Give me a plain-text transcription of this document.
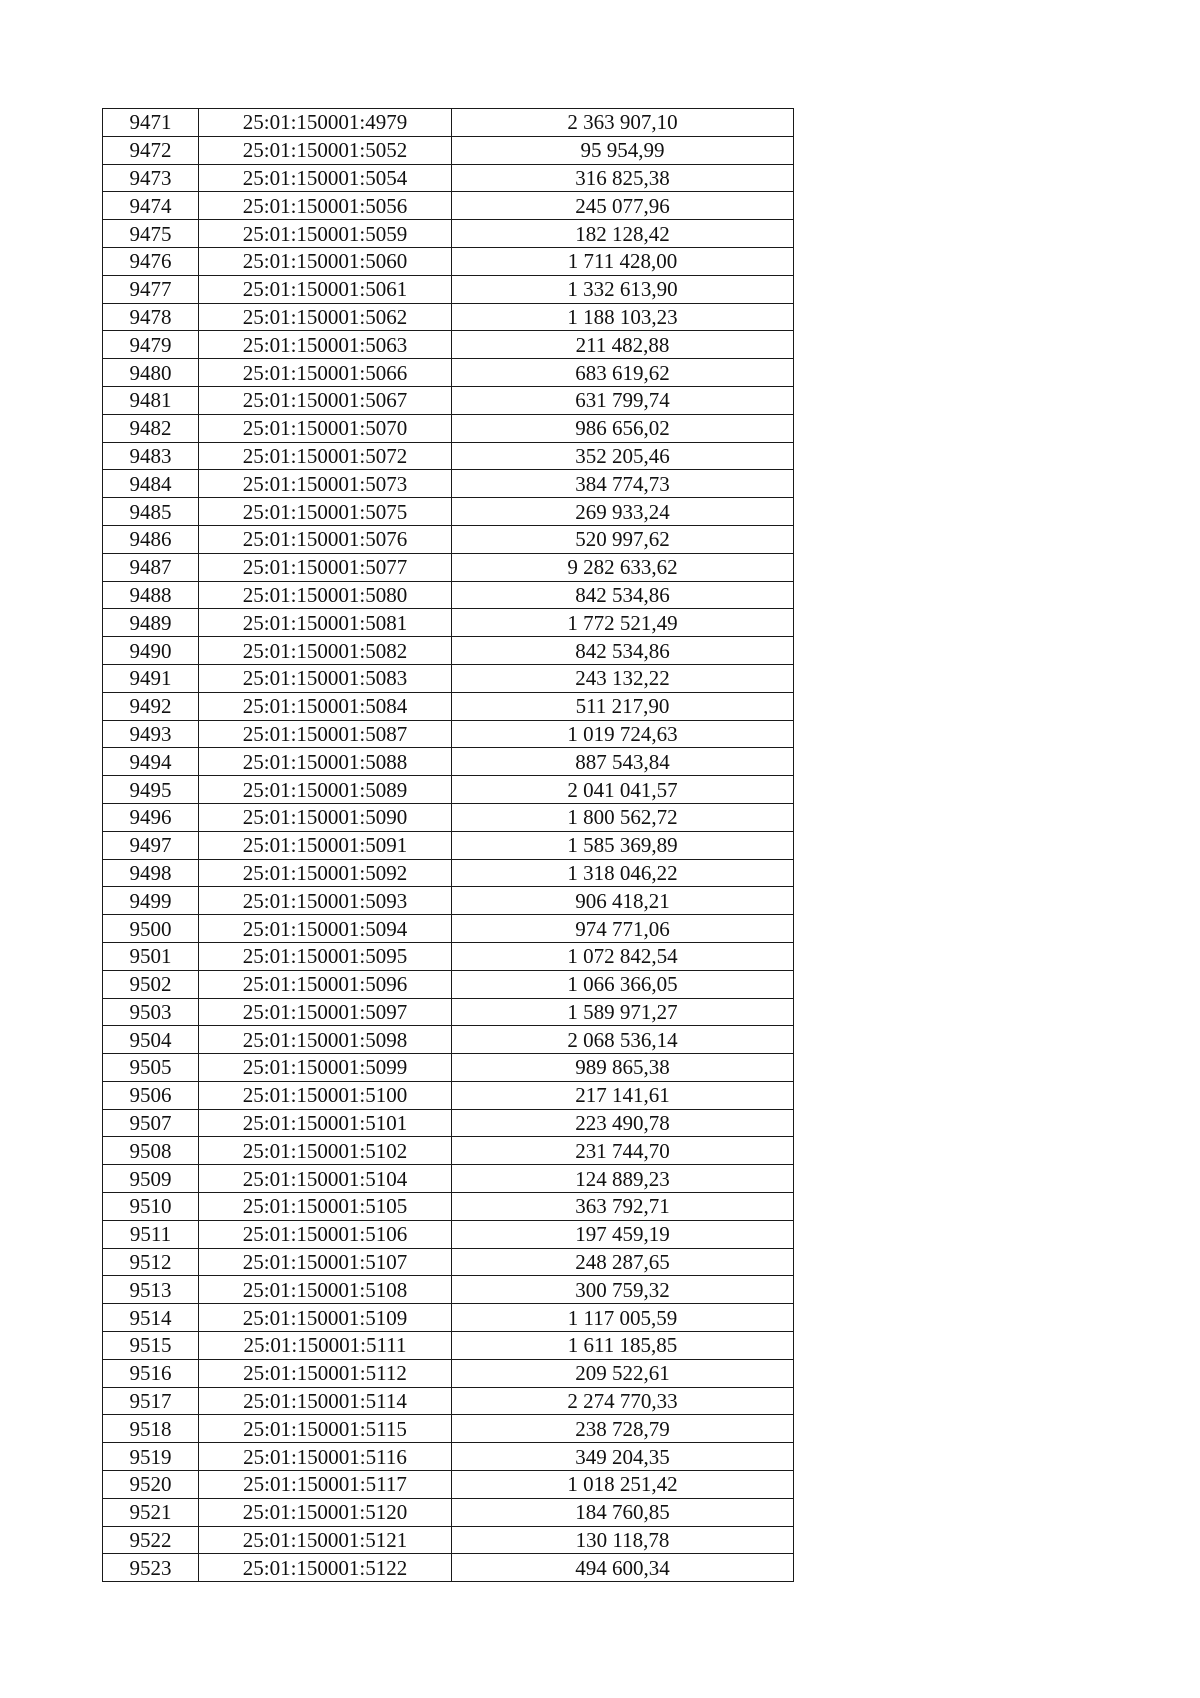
9471	25:01:150001:4979	2 363 907,10
9472	25:01:150001:5052	95 954,99
9473	25:01:150001:5054	316 825,38
9474	25:01:150001:5056	245 077,96
9475	25:01:150001:5059	182 128,42
9476	25:01:150001:5060	1 711 428,00
9477	25:01:150001:5061	1 332 613,90
9478	25:01:150001:5062	1 188 103,23
9479	25:01:150001:5063	211 482,88
9480	25:01:150001:5066	683 619,62
9481	25:01:150001:5067	631 799,74
9482	25:01:150001:5070	986 656,02
9483	25:01:150001:5072	352 205,46
9484	25:01:150001:5073	384 774,73
9485	25:01:150001:5075	269 933,24
9486	25:01:150001:5076	520 997,62
9487	25:01:150001:5077	9 282 633,62
9488	25:01:150001:5080	842 534,86
9489	25:01:150001:5081	1 772 521,49
9490	25:01:150001:5082	842 534,86
9491	25:01:150001:5083	243 132,22
9492	25:01:150001:5084	511 217,90
9493	25:01:150001:5087	1 019 724,63
9494	25:01:150001:5088	887 543,84
9495	25:01:150001:5089	2 041 041,57
9496	25:01:150001:5090	1 800 562,72
9497	25:01:150001:5091	1 585 369,89
9498	25:01:150001:5092	1 318 046,22
9499	25:01:150001:5093	906 418,21
9500	25:01:150001:5094	974 771,06
9501	25:01:150001:5095	1 072 842,54
9502	25:01:150001:5096	1 066 366,05
9503	25:01:150001:5097	1 589 971,27
9504	25:01:150001:5098	2 068 536,14
9505	25:01:150001:5099	989 865,38
9506	25:01:150001:5100	217 141,61
9507	25:01:150001:5101	223 490,78
9508	25:01:150001:5102	231 744,70
9509	25:01:150001:5104	124 889,23
9510	25:01:150001:5105	363 792,71
9511	25:01:150001:5106	197 459,19
9512	25:01:150001:5107	248 287,65
9513	25:01:150001:5108	300 759,32
9514	25:01:150001:5109	1 117 005,59
9515	25:01:150001:5111	1 611 185,85
9516	25:01:150001:5112	209 522,61
9517	25:01:150001:5114	2 274 770,33
9518	25:01:150001:5115	238 728,79
9519	25:01:150001:5116	349 204,35
9520	25:01:150001:5117	1 018 251,42
9521	25:01:150001:5120	184 760,85
9522	25:01:150001:5121	130 118,78
9523	25:01:150001:5122	494 600,34
